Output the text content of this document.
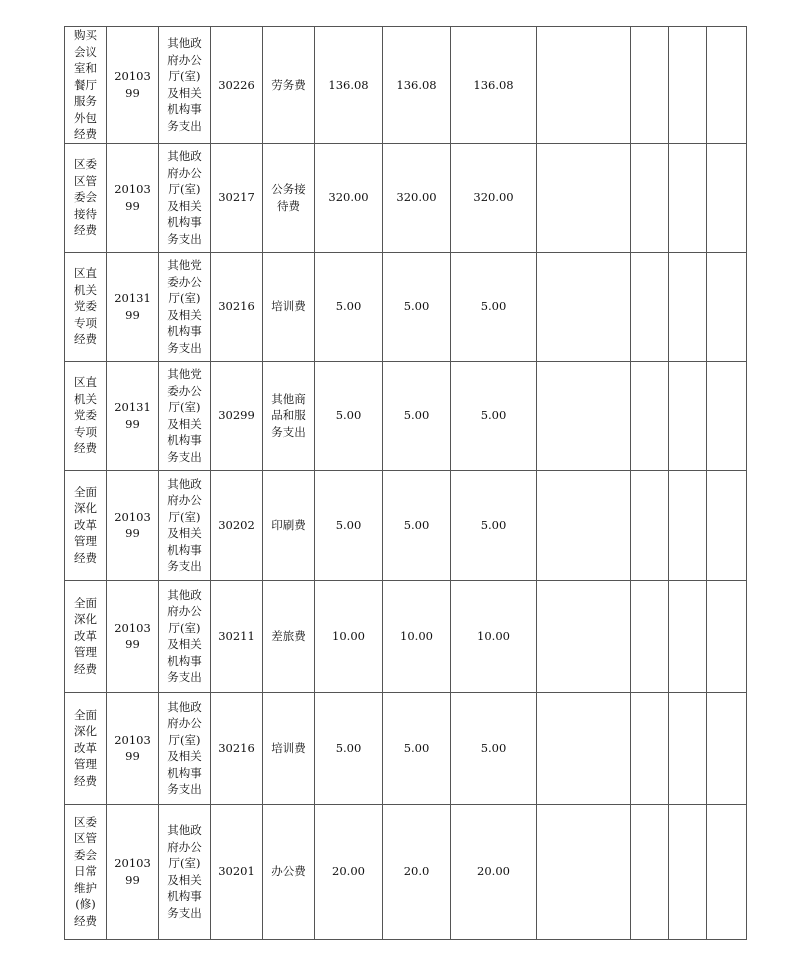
购买会议室和餐厅服务外包经费	2010399	其他政府办公厅(室)及相关机构事务支出	30226	劳务费	136.08	136.08	136.08				
区委区管委会接待经费	2010399	其他政府办公厅(室)及相关机构事务支出	30217	公务接待费	320.00	320.00	320.00				
区直机关党委专项经费	2013199	其他党委办公厅(室)及相关机构事务支出	30216	培训费	5.00	5.00	5.00				
区直机关党委专项经费	2013199	其他党委办公厅(室)及相关机构事务支出	30299	其他商品和服务支出	5.00	5.00	5.00				
全面深化改革管理经费	2010399	其他政府办公厅(室)及相关机构事务支出	30202	印刷费	5.00	5.00	5.00				
全面深化改革管理经费	2010399	其他政府办公厅(室)及相关机构事务支出	30211	差旅费	10.00	10.00	10.00				
全面深化改革管理经费	2010399	其他政府办公厅(室)及相关机构事务支出	30216	培训费	5.00	5.00	5.00				
区委区管委会日常维护(修)经费	2010399	其他政府办公厅(室)及相关机构事务支出	30201	办公费	20.00	20.0	20.00				
